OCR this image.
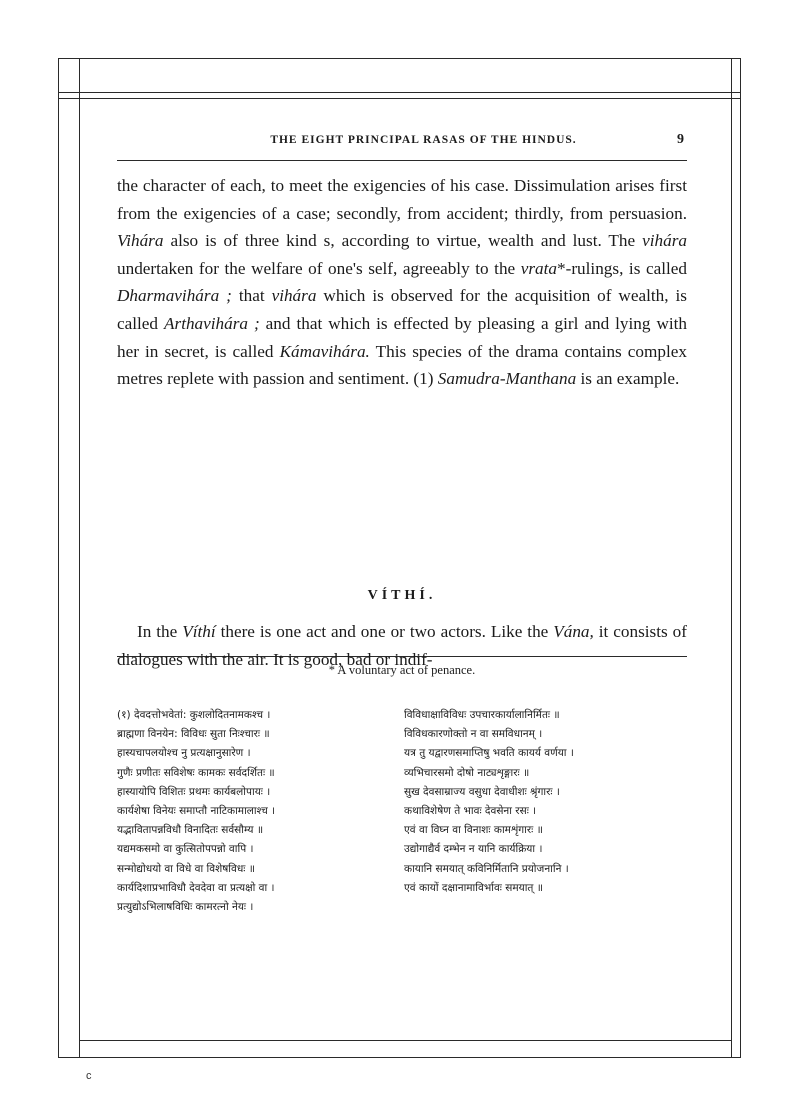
THE EIGHT PRINCIPAL RASAS OF THE HINDUS.	9

the character of each, to meet the exigencies of his case. Dissimulation arises first from the exigencies of a case; secondly, from accident; thirdly, from persuasion. Vihára also is of three kind s, according to virtue, wealth and lust. The vihára undertaken for the welfare of one's self, agreeably to the vrata*-rulings, is called Dharmavihára ; that vihára which is observed for the acquisition of wealth, is called Arthavihára ; and that which is effected by pleasing a girl and lying with her in secret, is called Kámavihára. This species of the drama contains complex metres replete with passion and sentiment. (1) Samudra-Manthana is an example.

VÍTHÍ.

In the Víthí there is one act and one or two actors. Like the Vána, it consists of dialogues with the air. It is good, bad or indif-

* A voluntary act of penance.
(१) देवदत्तोभवेतां: कुशलोदितनामकश्च ।
ब्राह्मणा विनयेन: विविधः सुता निःश्चारः ॥
हास्यचापलयोश्च नु प्रत्यक्षानुसारेण ।
गुणैः प्रणीतः सविशेषः कामकः सर्वदर्शितः ॥
हास्यायोपि विशितः प्रथमः कार्यबलोपायः ।
कार्यशेषा विनेयः समाप्तौ नाटिकामालाश्च ।
यद्भावितापन्नविधौ विनादितः सर्वसौम्य ॥
यद्यमकसमो वा कुत्सितोपपन्नो वापि ।
सन्मोद्योधयो वा विधे वा विशेषविधः ॥
कार्यदिशाप्रभाविधौ देवदेवा वा प्रत्यक्षो वा ।
प्रत्युद्योऽभिलाषविधिः कामरत्नो नेयः ।
विविधाक्षाविविधः उपचारकार्यालानिर्मितः ॥
विविधकारणोक्तो न वा समविधानम् ।
यत्र तु यद्वारणसमाप्तिषु भवति कायर्य वर्णया ।
व्यभिचारसमो दोषो नाट्यशृङ्गारः ॥
सुख देवसाम्राज्य वसुधा देवाधीशः श्रृंगारः ।
कथाविशेषेण ते भावः देवसेना रसः ।
एवं वा विघ्न वा विनाशः कामशृंगारः ॥
उद्योगाद्यैर्व दम्भेन न यानि कार्यक्रिया ।
कायानि समयात् कविनिर्मितानि प्रयोजनानि ।
एवं कायों दक्षानामाविर्भावः समयात् ॥
c
